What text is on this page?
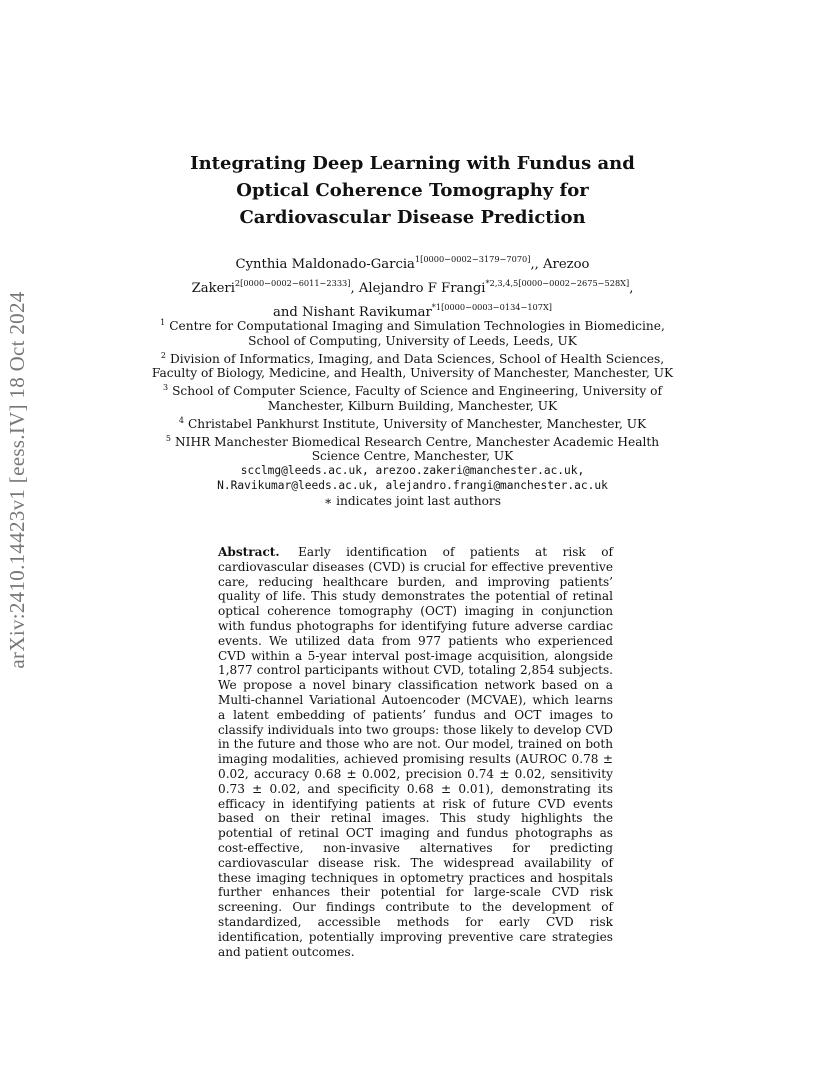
arXiv:2410.14423v1 [eess.IV] 18 Oct 2024
Integrating Deep Learning with Fundus and
Optical Coherence Tomography for
Cardiovascular Disease Prediction
Cynthia Maldonado-Garcia$^{1[0000-0002-3179-7070]}$,, Arezoo
Zakeri$^{2[0000-0002-6011-2333]}$, Alejandro F Frangi$^{*2,3,4,5[0000-0002-2675-528X]}$,
and Nishant Ravikumar$^{*1[0000-0003-0134-107X]}$
$^1$ Centre for Computational Imaging and Simulation Technologies in Biomedicine,
School of Computing, University of Leeds, Leeds, UK
$^2$ Division of Informatics, Imaging, and Data Sciences, School of Health Sciences,
Faculty of Biology, Medicine, and Health, University of Manchester, Manchester, UK
$^3$ School of Computer Science, Faculty of Science and Engineering, University of
Manchester, Kilburn Building, Manchester, UK
$^4$ Christabel Pankhurst Institute, University of Manchester, Manchester, UK
$^5$ NIHR Manchester Biomedical Research Centre, Manchester Academic Health
Science Centre, Manchester, UK
scclmg@leeds.ac.uk, arezoo.zakeri@manchester.ac.uk,
N.Ravikumar@leeds.ac.uk, alejandro.frangi@manchester.ac.uk
∗ indicates joint last authors
Abstract. Early identification of patients at risk of cardiovascular diseases (CVD) is crucial for effective preventive care, reducing healthcare burden, and improving patients’ quality of life. This study demonstrates the potential of retinal optical coherence tomography (OCT) imaging in conjunction with fundus photographs for identifying future adverse cardiac events. We utilized data from 977 patients who experienced CVD within a 5-year interval post-image acquisition, alongside 1,877 control participants without CVD, totaling 2,854 subjects. We propose a novel binary classification network based on a Multi-channel Variational Autoencoder (MCVAE), which learns a latent embedding of patients’ fundus and OCT images to classify individuals into two groups: those likely to develop CVD in the future and those who are not. Our model, trained on both imaging modalities, achieved promising results (AUROC 0.78 ± 0.02, accuracy 0.68 ± 0.002, precision 0.74 ± 0.02, sensitivity 0.73 ± 0.02, and specificity 0.68 ± 0.01), demonstrating its efficacy in identifying patients at risk of future CVD events based on their retinal images. This study highlights the potential of retinal OCT imaging and fundus photographs as cost-effective, non-invasive alternatives for predicting cardiovascular disease risk. The widespread availability of these imaging techniques in optometry practices and hospitals further enhances their potential for large-scale CVD risk screening. Our findings contribute to the development of standardized, accessible methods for early CVD risk identification, potentially improving preventive care strategies and patient outcomes.
